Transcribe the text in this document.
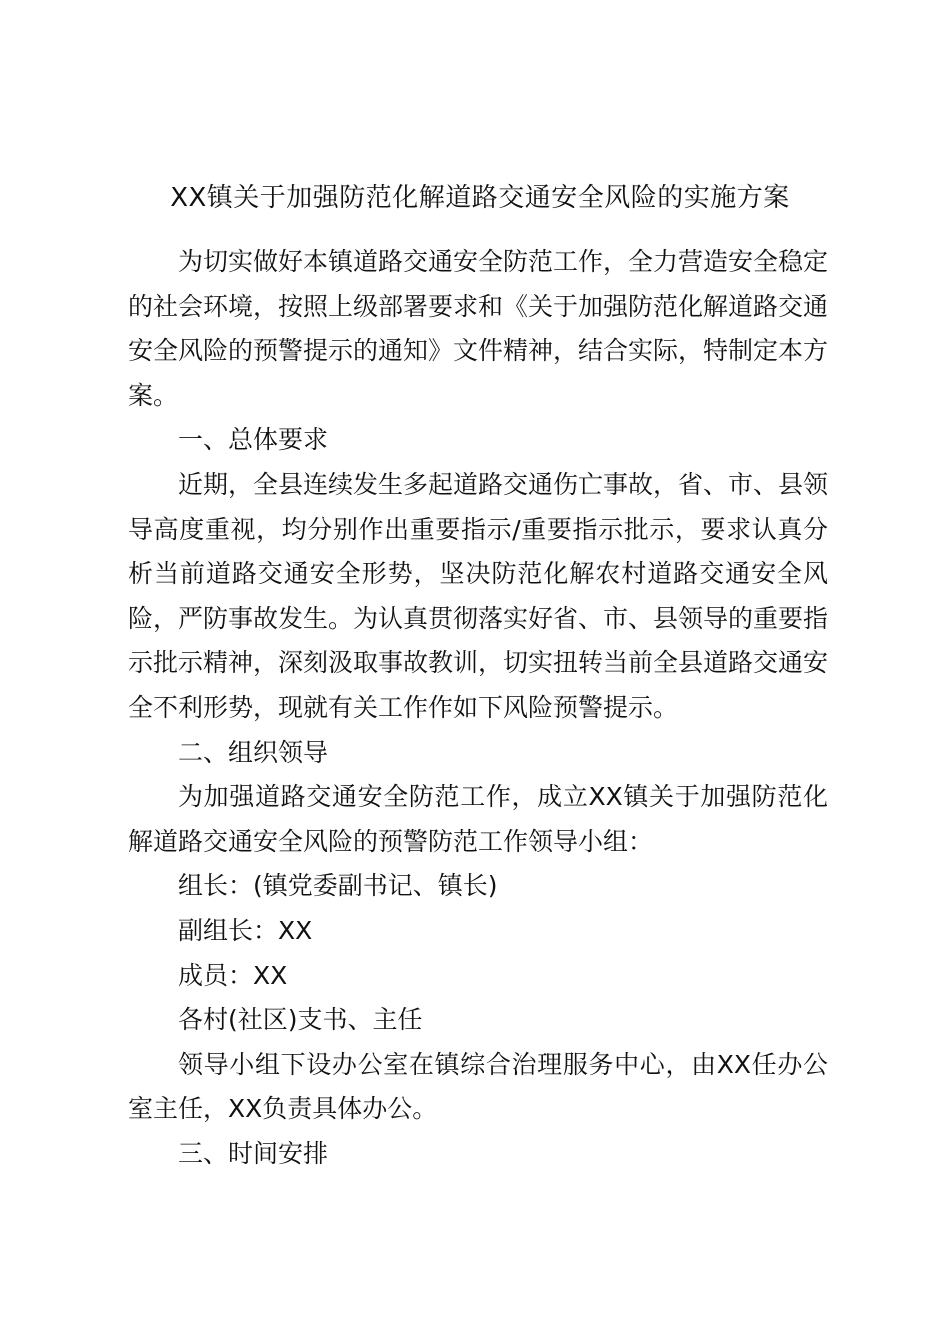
XX镇关于加强防范化解道路交通安全风险的实施方案

为切实做好本镇道路交通安全防范工作，全力营造安全稳定的社会环境，按照上级部署要求和《关于加强防范化解道路交通安全风险的预警提示的通知》文件精神，结合实际，特制定本方案。

一、总体要求

近期，全县连续发生多起道路交通伤亡事故，省、市、县领导高度重视，均分别作出重要指示/重要指示批示，要求认真分析当前道路交通安全形势，坚决防范化解农村道路交通安全风险，严防事故发生。为认真贯彻落实好省、市、县领导的重要指示批示精神，深刻汲取事故教训，切实扭转当前全县道路交通安全不利形势，现就有关工作作如下风险预警提示。

二、组织领导

为加强道路交通安全防范工作，成立XX镇关于加强防范化解道路交通安全风险的预警防范工作领导小组：

组长：(镇党委副书记、镇长)

副组长：XX

成员：XX

各村(社区)支书、主任

领导小组下设办公室在镇综合治理服务中心，由XX任办公室主任，XX负责具体办公。

三、时间安排
